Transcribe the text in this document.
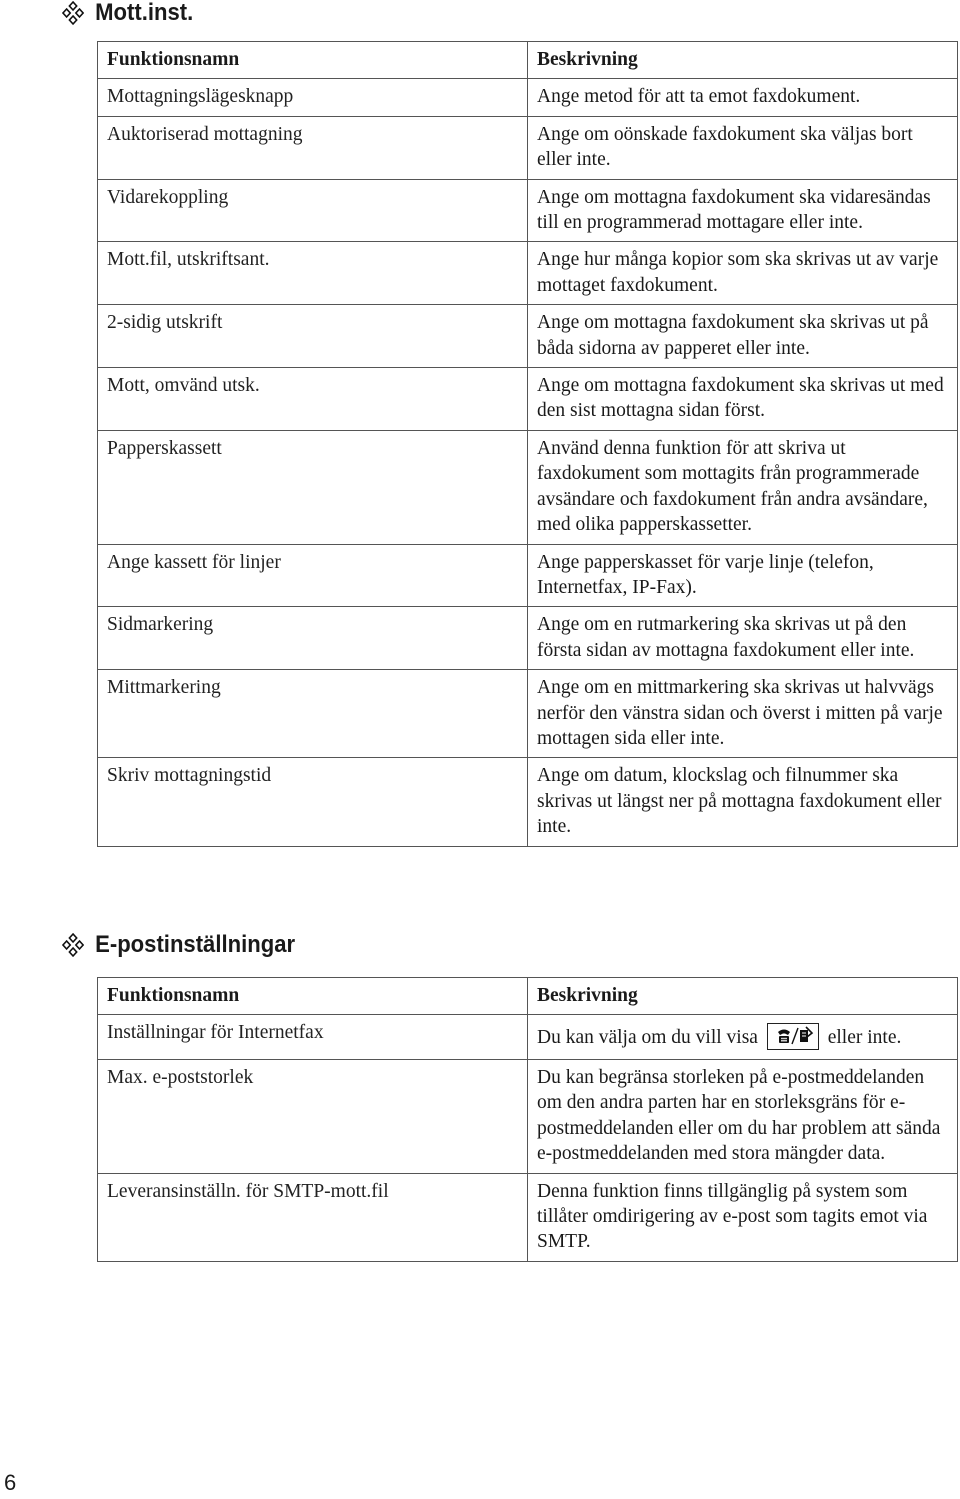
Mott.inst.
Funktionsnamn	Beskrivning
Mottagningslägesknapp	Ange metod för att ta emot faxdokument.
Auktoriserad mottagning	Ange om oönskade faxdokument ska väljas bort eller inte.
Vidarekoppling	Ange om mottagna faxdokument ska vidaresändas till en programmerad mottagare eller inte.
Mott.fil, utskriftsant.	Ange hur många kopior som ska skrivas ut av varje mottaget faxdokument.
2-sidig utskrift	Ange om mottagna faxdokument ska skrivas ut på båda sidorna av papperet eller inte.
Mott, omvänd utsk.	Ange om mottagna faxdokument ska skrivas ut med den sist mottagna sidan först.
Papperskassett	Använd denna funktion för att skriva ut faxdokument som mottagits från programmerade avsändare och faxdokument från andra avsändare, med olika papperskassetter.
Ange kassett för linjer	Ange papperskasset för varje linje (telefon, Internetfax, IP-Fax).
Sidmarkering	Ange om en rutmarkering ska skrivas ut på den första sidan av mottagna faxdokument eller inte.
Mittmarkering	Ange om en mittmarkering ska skrivas ut halvvägs nerför den vänstra sidan och överst i mitten på varje mottagen sida eller inte.
Skriv mottagningstid	Ange om datum, klockslag och filnummer ska skrivas ut längst ner på mottagna faxdokument eller inte.
E-postinställningar
Funktionsnamn	Beskrivning
Inställningar för Internetfax	Du kan välja om du vill visa eller inte.
Max. e-poststorlek	Du kan begränsa storleken på e-postmeddelanden om den andra parten har en storleksgräns för e-postmeddelanden eller om du har problem att sända e-postmeddelanden med stora mängder data.
Leveransinställn. för SMTP-mott.fil	Denna funktion finns tillgänglig på system som tillåter omdirigering av e-post som tagits emot via SMTP.
6
